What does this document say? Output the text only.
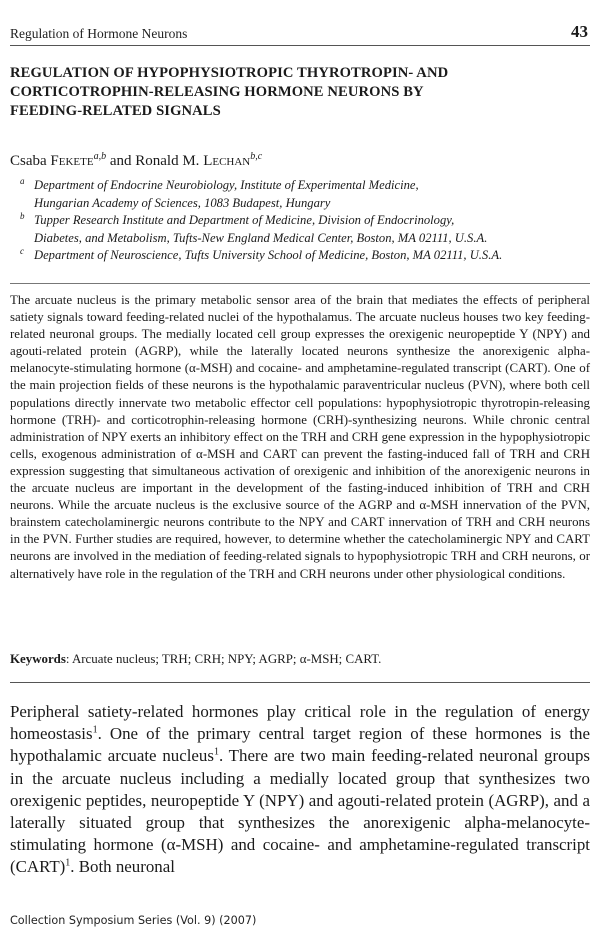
Regulation of Hormone Neurons	43
REGULATION OF HYPOPHYSIOTROPIC THYROTROPIN- AND
CORTICOTROPHIN-RELEASING HORMONE NEURONS BY
FEEDING-RELATED SIGNALS
Csaba Fekete$^{a,b}$ and Ronald M. Lechan$^{b,c}$
a Department of Endocrine Neurobiology, Institute of Experimental Medicine,
Hungarian Academy of Sciences, 1083 Budapest, Hungary
b Tupper Research Institute and Department of Medicine, Division of Endocrinology,
Diabetes, and Metabolism, Tufts-New England Medical Center, Boston, MA 02111, U.S.A.
c Department of Neuroscience, Tufts University School of Medicine, Boston, MA 02111, U.S.A.

The arcuate nucleus is the primary metabolic sensor area of the brain that mediates the effects of peripheral satiety signals toward feeding-related nuclei of the hypothalamus. The arcuate nucleus houses two key feeding-related neuronal groups. The medially located cell group expresses the orexigenic neuropeptide Y (NPY) and agouti-related protein (AGRP), while the laterally located neurons synthesize the anorexigenic alpha-melanocyte-stimulating hormone (α-MSH) and cocaine- and amphetamine-regulated transcript (CART). One of the main projection fields of these neurons is the hypothalamic paraventricular nucleus (PVN), where both cell populations directly innervate two metabolic effector cell populations: hypophysiotropic thyrotropin-releasing hormone (TRH)- and corticotrophin-releasing hormone (CRH)-synthesizing neurons. While chronic central administration of NPY exerts an inhibitory effect on the TRH and CRH gene expression in the hypophysiotropic cells, exogenous administration of α-MSH and CART can prevent the fasting-induced fall of TRH and CRH expression suggesting that simultaneous activation of orexigenic and inhibition of the anorexigenic neurons in the arcuate nucleus are important in the development of the fasting-induced inhibition of TRH and CRH neurons. While the arcuate nucleus is the exclusive source of the AGRP and α-MSH innervation of the PVN, brainstem catecholaminergic neurons contribute to the NPY and CART innervation of TRH and CRH neurons in the PVN. Further studies are required, however, to determine whether the catecholaminergic NPY and CART neurons are involved in the mediation of feeding-related signals to hypophysiotropic TRH and CRH neurons, or alternatively have role in the regulation of the TRH and CRH neurons under other physiological conditions.

Keywords: Arcuate nucleus; TRH; CRH; NPY; AGRP; α-MSH; CART.

Peripheral satiety-related hormones play critical role in the regulation of energy homeostasis$^1$. One of the primary central target region of these hormones is the hypothalamic arcuate nucleus$^1$. There are two main feeding-related neuronal groups in the arcuate nucleus including a medially located group that synthesizes two orexigenic peptides, neuropeptide Y (NPY) and agouti-related protein (AGRP), and a laterally situated group that synthesizes the anorexigenic alpha-melanocyte-stimulating hormone (α-MSH) and cocaine- and amphetamine-regulated transcript (CART)$^1$. Both neuronal

Collection Symposium Series (Vol. 9) (2007)
